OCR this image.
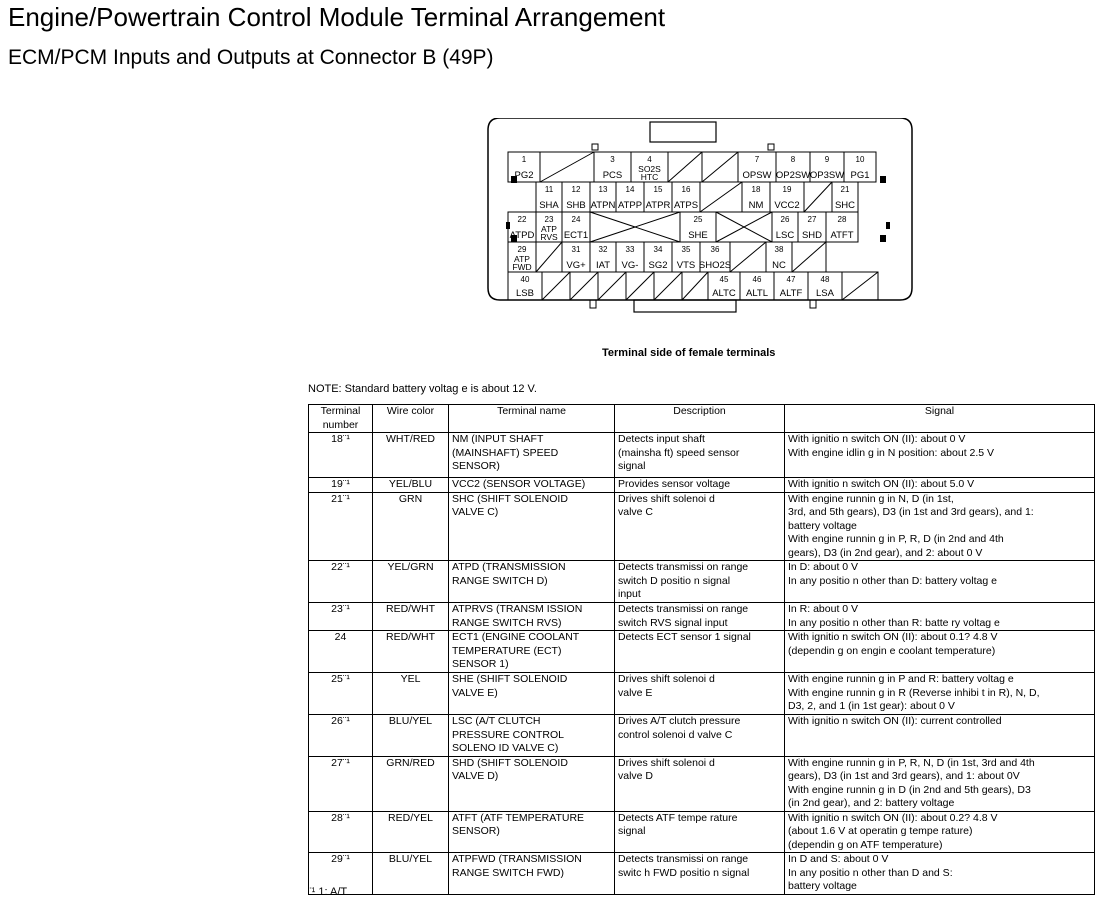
Engine/Powertrain Control Module Terminal Arrangement
ECM/PCM Inputs and Outputs at Connector B (49P)
1
PG2
3
PCS
4
SO2S
HTC
7
OPSW
8
OP2SW
9
OP3SW
10
PG1
11
SHA
12
SHB
13
ATPN
14
ATPP
15
ATPR
16
ATPS
18
NM
19
VCC2
21
SHC
22
ATPD
23
ATP
RVS
24
ECT1
25
SHE
26
LSC
27
SHD
28
ATFT
29
ATP
FWD
31
VG+
32
IAT
33
VG-
34
SG2
35
VTS
36
SHO2S
38
NC
40
LSB
45
ALTC
46
ALTL
47
ALTF
48
LSA
Terminal side of female terminals
NOTE: Standard battery voltag e is about 12 V.
Terminal
number	Wire color	Terminal name	Description	Signal
18¨¹	WHT/RED	NM (INPUT SHAFT
(MAINSHAFT) SPEED
SENSOR)	Detects input shaft
(mainsha ft) speed sensor
signal	With ignitio n switch ON (II): about 0 V
With engine idlin g in N position: about 2.5 V
19¨¹	YEL/BLU	VCC2 (SENSOR VOLTAGE)	Provides sensor voltage	With ignitio n switch ON (II): about 5.0 V
21¨¹	GRN	SHC (SHIFT SOLENOID
VALVE C)	Drives shift solenoi d
valve C	With engine runnin g in N, D (in 1st,
3rd, and 5th gears), D3 (in 1st and 3rd gears), and 1:
battery voltage
With engine runnin g in P, R, D (in 2nd and 4th
gears), D3 (in 2nd gear), and 2: about 0 V
22¨¹	YEL/GRN	ATPD (TRANSMISSION
RANGE SWITCH D)	Detects transmissi on range
switch D positio n signal
input	In D: about 0 V
In any positio n other than D: battery voltag e
23¨¹	RED/WHT	ATPRVS (TRANSM ISSION
RANGE SWITCH RVS)	Detects transmissi on range
switch RVS signal input	In R: about 0 V
In any positio n other than R: batte ry voltag e
24	RED/WHT	ECT1 (ENGINE COOLANT
TEMPERATURE (ECT)
SENSOR 1)	Detects ECT sensor 1 signal	With ignitio n switch ON (II): about 0.1? 4.8 V
(dependin g on engin e coolant temperature)
25¨¹	YEL	SHE (SHIFT SOLENOID
VALVE E)	Drives shift solenoi d
valve E	With engine runnin g in P and R: battery voltag e
With engine runnin g in R (Reverse inhibi t in R), N, D,
D3, 2, and 1 (in 1st gear): about 0 V
26¨¹	BLU/YEL	LSC (A/T CLUTCH
PRESSURE CONTROL
SOLENO ID VALVE C)	Drives A/T clutch pressure
control solenoi d valve C	With ignitio n switch ON (II): current controlled
27¨¹	GRN/RED	SHD (SHIFT SOLENOID
VALVE D)	Drives shift solenoi d
valve D	With engine runnin g in P, R, N, D (in 1st, 3rd and 4th
gears), D3 (in 1st and 3rd gears), and 1: about 0V
With engine runnin g in D (in 2nd and 5th gears), D3
(in 2nd gear), and 2: battery voltage
28¨¹	RED/YEL	ATFT (ATF TEMPERATURE
SENSOR)	Detects ATF tempe rature
signal	With ignitio n switch ON (II): about 0.2? 4.8 V
(about 1.6 V at operatin g tempe rature)
(dependin g on ATF temperature)
29¨¹	BLU/YEL	ATPFWD (TRANSMISSION
RANGE SWITCH FWD)	Detects transmissi on range
switc h FWD positio n signal	In D and S: about 0 V
In any positio n other than D and S:
battery voltage
¨¹ 1: A/T
